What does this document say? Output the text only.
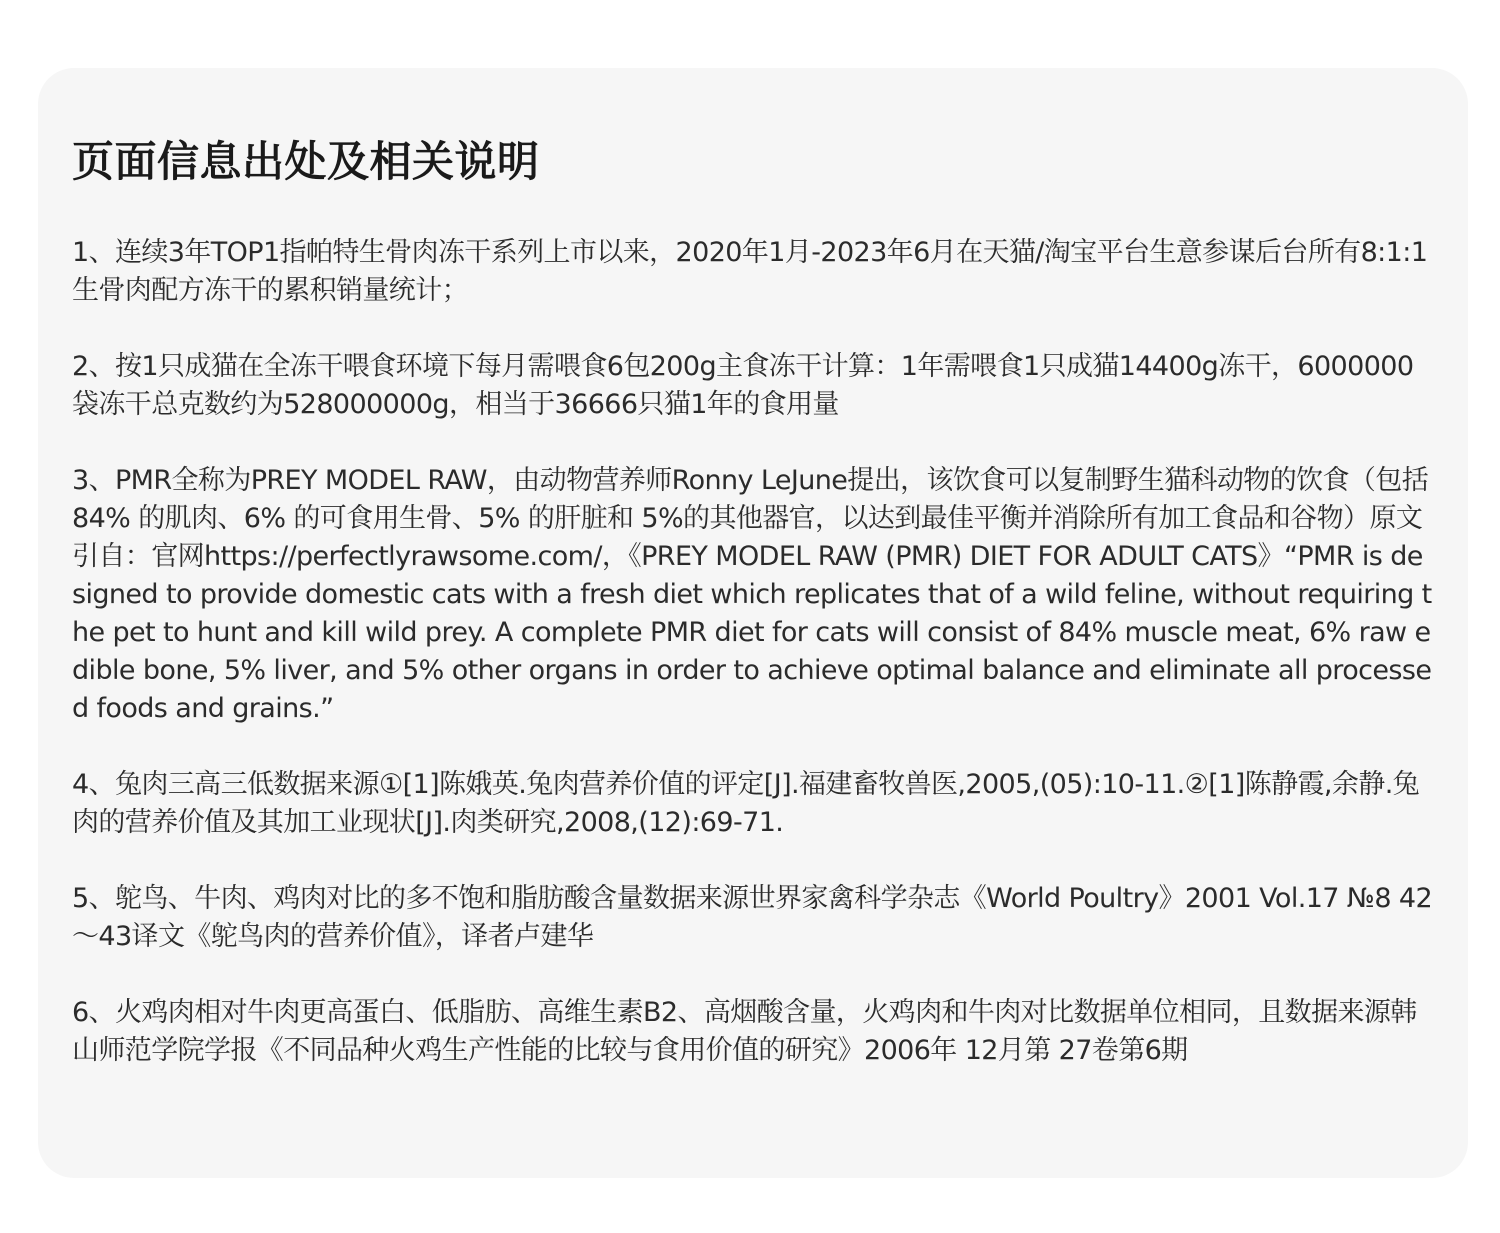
页面信息出处及相关说明
1、连续3年TOP1指帕特生骨肉冻干系列上市以来，2020年1月-2023年6月在天猫/淘宝平台生意参谋后台所有8:1:1生骨肉配方冻干的累积销量统计；
2、按1只成猫在全冻干喂食环境下每月需喂食6包200g主食冻干计算：1年需喂食1只成猫14400g冻干，6000000袋冻干总克数约为528000000g，相当于36666只猫1年的食用量
3、PMR全称为PREY MODEL RAW，由动物营养师Ronny LeJune提出，该饮食可以复制野生猫科动物的饮食（包括 84% 的肌肉、6% 的可食用生骨、5% 的肝脏和 5%的其他器官，以达到最佳平衡并消除所有加工食品和谷物）原文引自：官网https://perfectlyrawsome.com/，《PREY MODEL RAW (PMR) DIET FOR ADULT CATS》“PMR is designed to provide domestic cats with a fresh diet which replicates that of a wild feline, without requiring the pet to hunt and kill wild prey. A complete PMR diet for cats will consist of 84% muscle meat, 6% raw edible bone, 5% liver, and 5% other organs in order to achieve optimal balance and eliminate all processed foods and grains.”
4、兔肉三高三低数据来源①[1]陈娥英.兔肉营养价值的评定[J].福建畜牧兽医,2005,(05):10-11.②[1]陈静霞,余静.兔肉的营养价值及其加工业现状[J].肉类研究,2008,(12):69-71.
5、鸵鸟、牛肉、鸡肉对比的多不饱和脂肪酸含量数据来源世界家禽科学杂志《World Poultry》2001 Vol.17 №8 42～43译文《鸵鸟肉的营养价值》，译者卢建华
6、火鸡肉相对牛肉更高蛋白、低脂肪、高维生素B2、高烟酸含量，火鸡肉和牛肉对比数据单位相同，且数据来源韩山师范学院学报《不同品种火鸡生产性能的比较与食用价值的研究》2006年 12月第 27卷第6期
